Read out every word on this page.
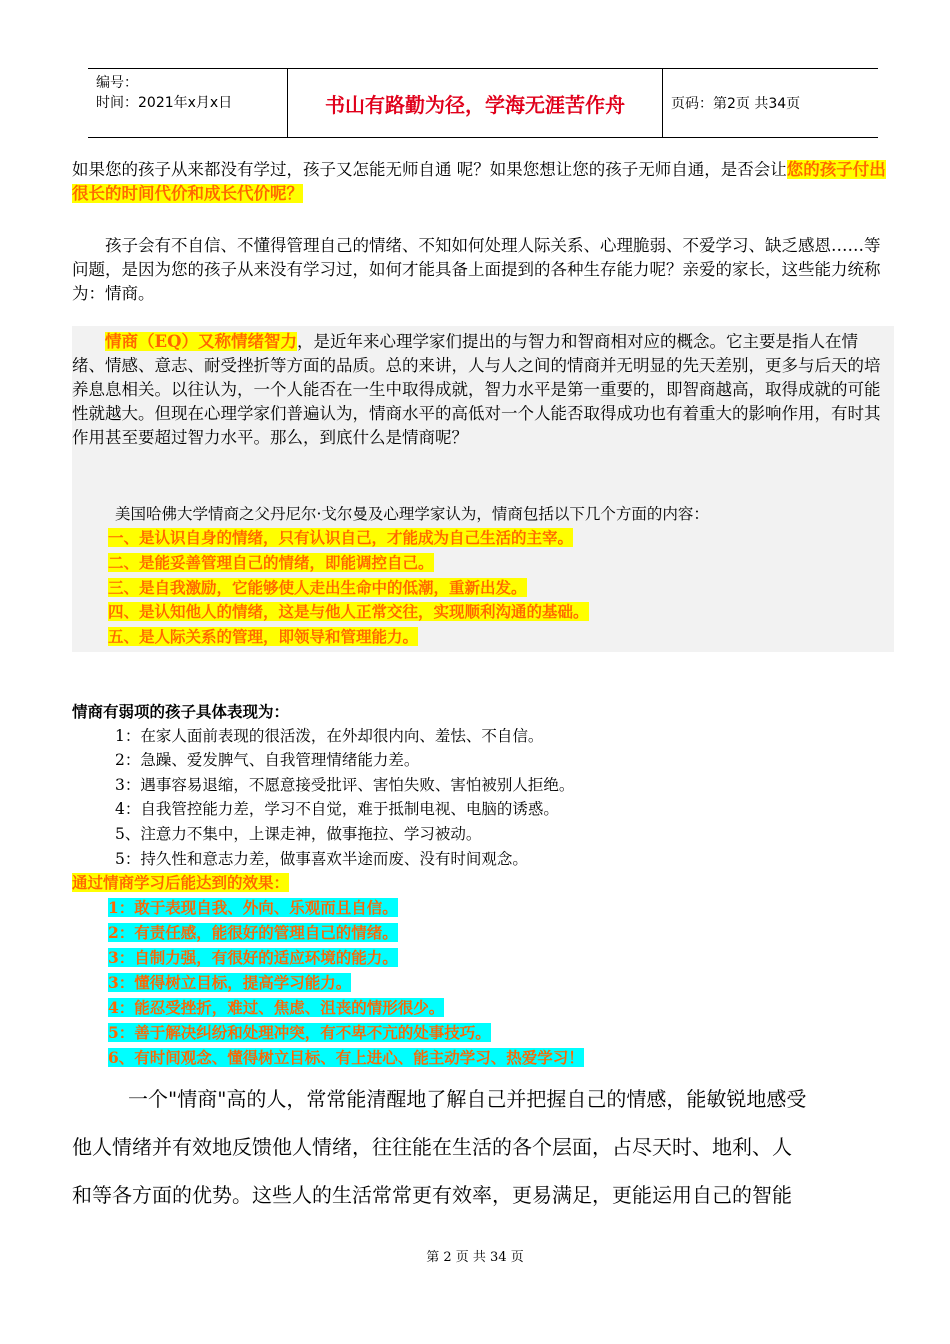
编号：
时间：2021年x月x日	书山有路勤为径，学海无涯苦作舟	页码：第2页 共34页
如果您的孩子从来都没有学过，孩子又怎能无师自通 呢？如果您想让您的孩子无师自通，是否会让您的孩子付出很长的时间代价和成长代价呢？
孩子会有不自信、不懂得管理自己的情绪、不知如何处理人际关系、心理脆弱、不爱学习、缺乏感恩……等问题，是因为您的孩子从来没有学习过，如何才能具备上面提到的各种生存能力呢？亲爱的家长，这些能力统称为：情商。
情商（EQ）又称情绪智力，是近年来心理学家们提出的与智力和智商相对应的概念。它主要是指人在情绪、情感、意志、耐受挫折等方面的品质。总的来讲，人与人之间的情商并无明显的先天差别，更多与后天的培养息息相关。以往认为，一个人能否在一生中取得成就，智力水平是第一重要的，即智商越高，取得成就的可能性就越大。但现在心理学家们普遍认为，情商水平的高低对一个人能否取得成功也有着重大的影响作用，有时其作用甚至要超过智力水平。那么，到底什么是情商呢？
美国哈佛大学情商之父丹尼尔·戈尔曼及心理学家认为，情商包括以下几个方面的内容：
一、是认识自身的情绪，只有认识自己，才能成为自己生活的主宰。
二、是能妥善管理自己的情绪，即能调控自己。
三、是自我激励，它能够使人走出生命中的低潮，重新出发。
四、是认知他人的情绪，这是与他人正常交往，实现顺利沟通的基础。
五、是人际关系的管理，即领导和管理能力。
情商有弱项的孩子具体表现为：
1：在家人面前表现的很活泼，在外却很内向、羞怯、不自信。
2：急躁、爱发脾气、自我管理情绪能力差。
3：遇事容易退缩，不愿意接受批评、害怕失败、害怕被别人拒绝。
4：自我管控能力差，学习不自觉，难于抵制电视、电脑的诱惑。
5、注意力不集中，上课走神，做事拖拉、学习被动。
5：持久性和意志力差，做事喜欢半途而废、没有时间观念。
通过情商学习后能达到的效果：
1：敢于表现自我、外向、乐观而且自信。
2：有责任感，能很好的管理自己的情绪。
3：自制力强，有很好的适应环境的能力。
3：懂得树立目标，提高学习能力。
4：能忍受挫折，难过、焦虑、沮丧的情形很少。
5：善于解决纠纷和处理冲突，有不卑不亢的处事技巧。
6、有时间观念、懂得树立目标、有上进心、能主动学习、热爱学习！
一个"情商"高的人，常常能清醒地了解自己并把握自己的情感，能敏锐地感受
他人情绪并有效地反馈他人情绪，往往能在生活的各个层面，占尽天时、地利、人
和等各方面的优势。这些人的生活常常更有效率，更易满足，更能运用自己的智能
第 2 页 共 34 页
